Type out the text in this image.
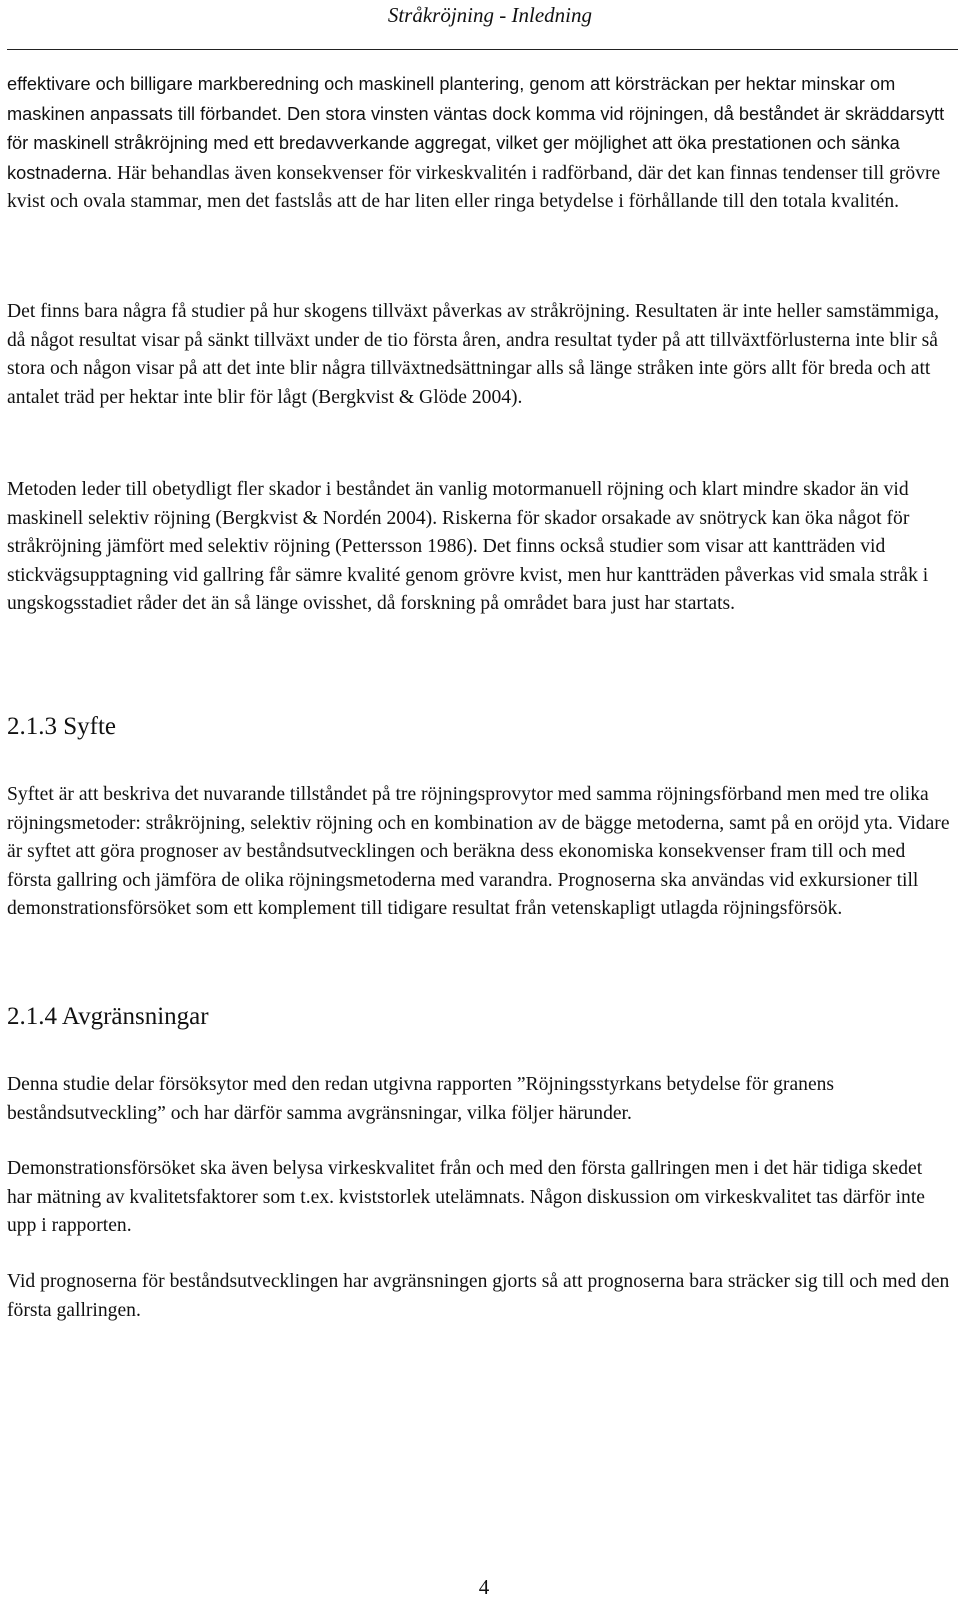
Stråkröjning - Inledning

effektivare och billigare markberedning och maskinell plantering, genom att körsträckan per hektar minskar om maskinen anpassats till förbandet. Den stora vinsten väntas dock komma vid röjningen, då beståndet är skräddarsytt för maskinell stråkröjning med ett bredavverkande aggregat, vilket ger möjlighet att öka prestationen och sänka kostnaderna. Här behandlas även konsekvenser för virkeskvalitén i radförband, där det kan finnas tendenser till grövre kvist och ovala stammar, men det fastslås att de har liten eller ringa betydelse i förhållande till den totala kvalitén.

Det finns bara några få studier på hur skogens tillväxt påverkas av stråkröjning. Resultaten är inte heller samstämmiga, då något resultat visar på sänkt tillväxt under de tio första åren, andra resultat tyder på att tillväxtförlusterna inte blir så stora och någon visar på att det inte blir några tillväxtnedsättningar alls så länge stråken inte görs allt för breda och att antalet träd per hektar inte blir för lågt (Bergkvist & Glöde 2004).

Metoden leder till obetydligt fler skador i beståndet än vanlig motormanuell röjning och klart mindre skador än vid maskinell selektiv röjning (Bergkvist & Nordén 2004). Riskerna för skador orsakade av snötryck kan öka något för stråkröjning jämfört med selektiv röjning (Pettersson 1986). Det finns också studier som visar att kantträden vid stickvägsupptagning vid gallring får sämre kvalité genom grövre kvist, men hur kantträden påverkas vid smala stråk i ungskogsstadiet råder det än så länge ovisshet, då forskning på området bara just har startats.

2.1.3 Syfte

Syftet är att beskriva det nuvarande tillståndet på tre röjningsprovytor med samma röjningsförband men med tre olika röjningsmetoder: stråkröjning, selektiv röjning och en kombination av de bägge metoderna, samt på en oröjd yta. Vidare är syftet att göra prognoser av beståndsutvecklingen och beräkna dess ekonomiska konsekvenser fram till och med första gallring och jämföra de olika röjningsmetoderna med varandra. Prognoserna ska användas vid exkursioner till demonstrationsförsöket som ett komplement till tidigare resultat från vetenskapligt utlagda röjningsförsök.

2.1.4 Avgränsningar

Denna studie delar försöksytor med den redan utgivna rapporten ”Röjningsstyrkans betydelse för granens beståndsutveckling” och har därför samma avgränsningar, vilka följer härunder.

Demonstrationsförsöket ska även belysa virkeskvalitet från och med den första gallringen men i det här tidiga skedet har mätning av kvalitetsfaktorer som t.ex. kviststorlek utelämnats. Någon diskussion om virkeskvalitet tas därför inte upp i rapporten.

Vid prognoserna för beståndsutvecklingen har avgränsningen gjorts så att prognoserna bara sträcker sig till och med den första gallringen.

4
